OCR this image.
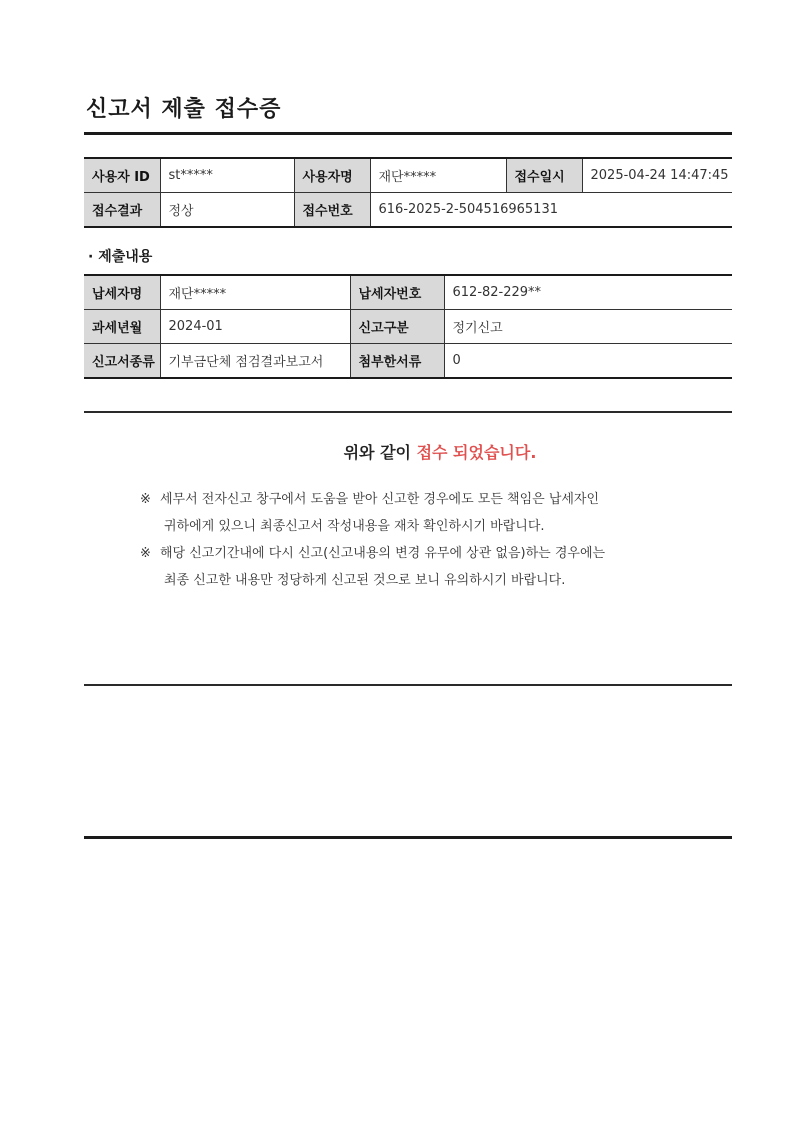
신고서 제출 접수증
사용자 ID	st*****	사용자명	재단*****	접수일시	2025-04-24 14:47:45
접수결과	정상	접수번호	616-2025-2-504516965131		
· 제출내용
납세자명	재단*****	납세자번호	612-82-229**
과세년월	2024-01	신고구분	정기신고
신고서종류	기부금단체 점검결과보고서	첨부한서류	0
위와 같이 접수 되었습니다.

※ 세무서 전자신고 창구에서 도움을 받아 신고한 경우에도 모든 책임은 납세자인
귀하에게 있으니 최종신고서 작성내용을 재차 확인하시기 바랍니다.

※ 해당 신고기간내에 다시 신고(신고내용의 변경 유무에 상관 없음)하는 경우에는
최종 신고한 내용만 정당하게 신고된 것으로 보니 유의하시기 바랍니다.
